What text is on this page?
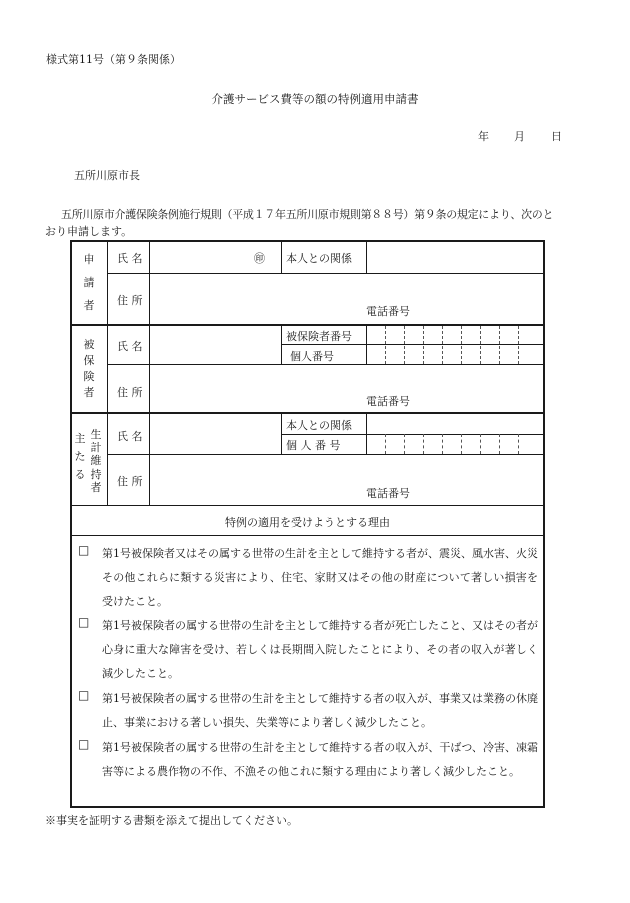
様式第11号（第９条関係）
介護サービス費等の額の特例適用申請書
年 月 日
五所川原市長
五所川原市介護保険条例施行規則（平成１７年五所川原市規則第８８号）第９条の規定により、次のと
おり申請します。
申
請
者
氏 名	㊞ 本人との関係
住 所
電話番号
被
保
険
者
氏 名
被保険者番号
個人番号
住 所
電話番号
主
た
る
生
計
維
持
者
氏 名
本人との関係
個 人 番 号
住 所
電話番号
特例の適用を受けようとする理由
□ 第1号被保険者又はその属する世帯の生計を主として維持する者が、震災、風水害、火災その他これらに類する災害により、住宅、家財又はその他の財産について著しい損害を受けたこと。
□ 第1号被保険者の属する世帯の生計を主として維持する者が死亡したこと、又はその者が心身に重大な障害を受け、若しくは長期間入院したことにより、その者の収入が著しく減少したこと。
□ 第1号被保険者の属する世帯の生計を主として維持する者の収入が、事業又は業務の休廃止、事業における著しい損失、失業等により著しく減少したこと。
□ 第1号被保険者の属する世帯の生計を主として維持する者の収入が、干ばつ、冷害、凍霜害等による農作物の不作、不漁その他これに類する理由により著しく減少したこと。
※事実を証明する書類を添えて提出してください。
